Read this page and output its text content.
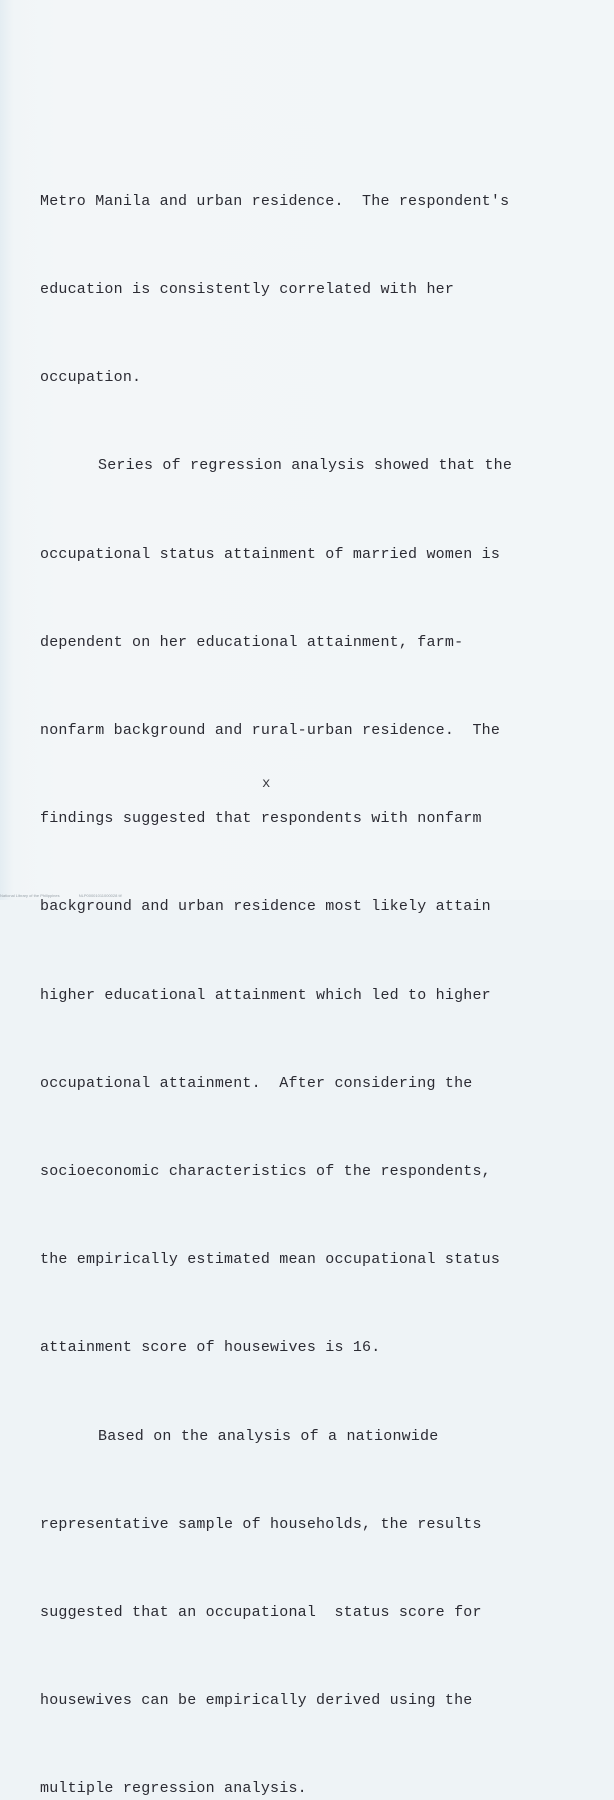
Metro Manila and urban residence.  The respondent's

education is consistently correlated with her

occupation.

Series of regression analysis showed that the

occupational status attainment of married women is

dependent on her educational attainment, farm-

nonfarm background and rural-urban residence.  The

findings suggested that respondents with nonfarm

background and urban residence most likely attain

higher educational attainment which led to higher

occupational attainment.  After considering the

socioeconomic characteristics of the respondents,

the empirically estimated mean occupational status

attainment score of housewives is 16.

Based on the analysis of a nationwide

representative sample of households, the results

suggested that an occupational  status score for

housewives can be empirically derived using the

multiple regression analysis.

x
National Library of the Philippines	NLP00001011000028 tif
